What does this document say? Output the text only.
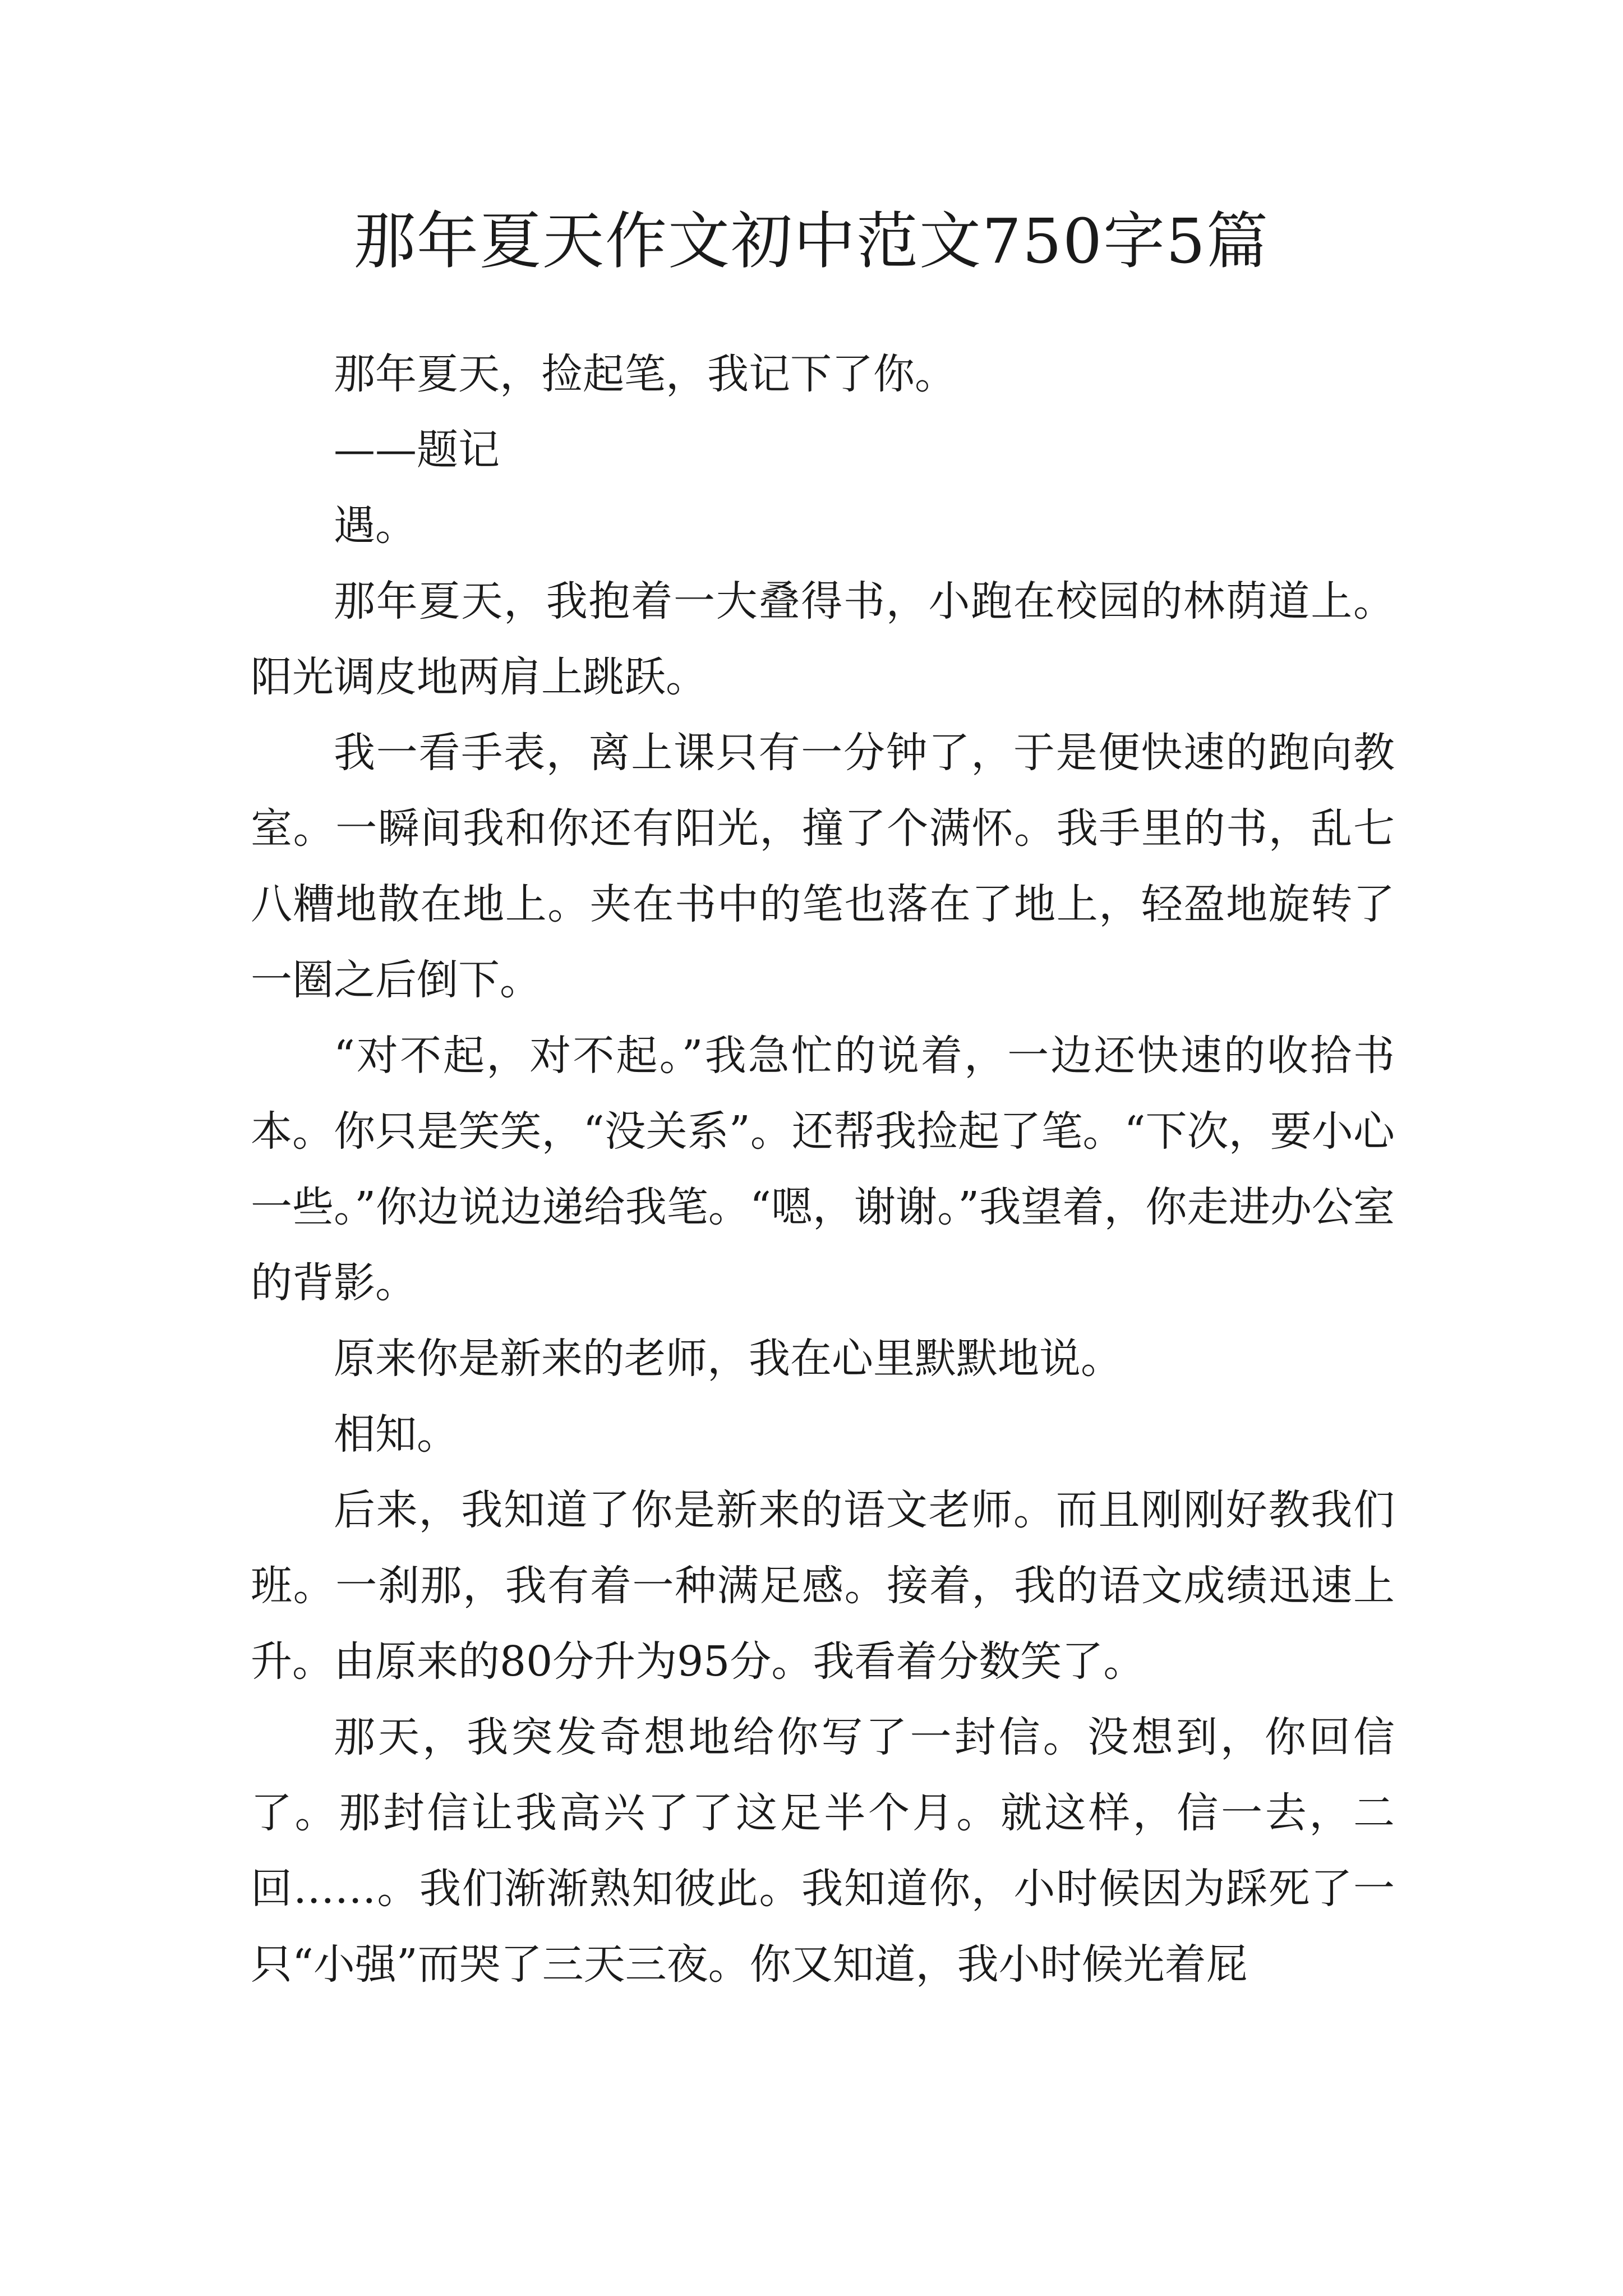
那年夏天作文初中范文750字5篇

那年夏天，捡起笔，我记下了你。

——题记

遇。

那年夏天，我抱着一大叠得书，小跑在校园的林荫道上。阳光调皮地两肩上跳跃。

我一看手表，离上课只有一分钟了，于是便快速的跑向教室。一瞬间我和你还有阳光，撞了个满怀。我手里的书，乱七八糟地散在地上。夹在书中的笔也落在了地上，轻盈地旋转了一圈之后倒下。

“对不起，对不起。”我急忙的说着，一边还快速的收拾书本。你只是笑笑，“没关系”。还帮我捡起了笔。“下次，要小心一些。”你边说边递给我笔。“嗯，谢谢。”我望着，你走进办公室的背影。

原来你是新来的老师，我在心里默默地说。

相知。

后来，我知道了你是新来的语文老师。而且刚刚好教我们班。一刹那，我有着一种满足感。接着，我的语文成绩迅速上升。由原来的80分升为95分。我看着分数笑了。

那天，我突发奇想地给你写了一封信。没想到，你回信了。那封信让我高兴了了这足半个月。就这样，信一去，二回……。我们渐渐熟知彼此。我知道你，小时候因为踩死了一只“小强”而哭了三天三夜。你又知道，我小时候光着屁
